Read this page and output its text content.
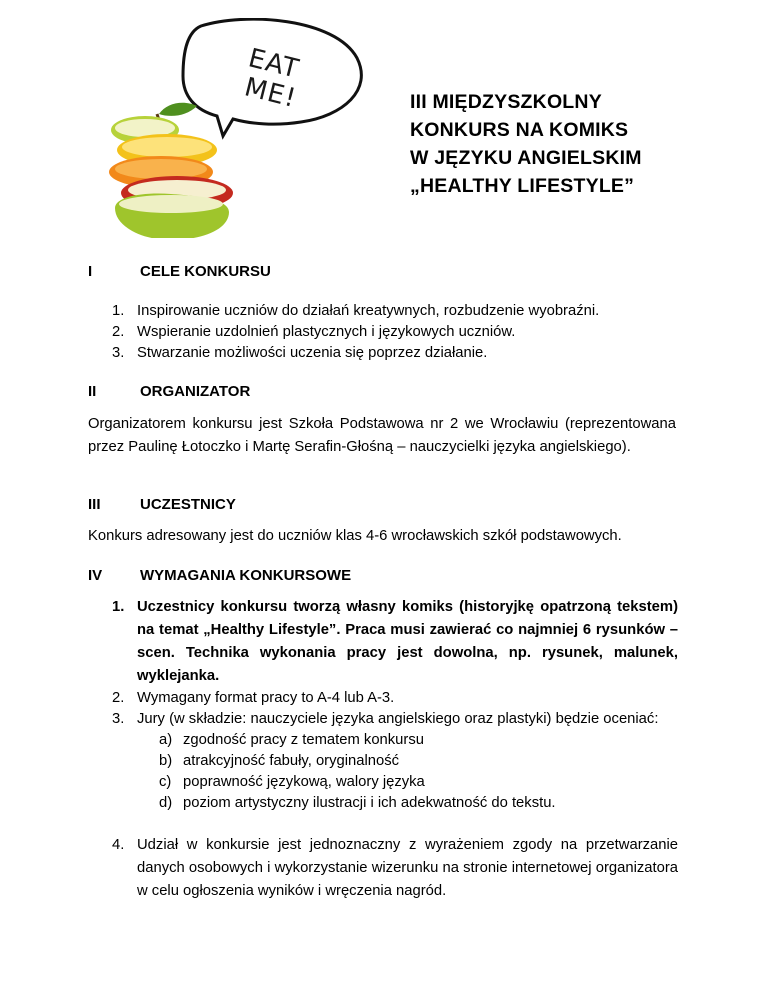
EAT
ME!	III MIĘDZYSZKOLNY
KONKURS NA KOMIKS
W JĘZYKU ANGIELSKIM
„HEALTHY LIFESTYLE”
I	CELE KONKURSU
1. Inspirowanie uczniów do działań kreatywnych, rozbudzenie wyobraźni.
2. Wspieranie uzdolnień plastycznych i językowych uczniów.
3. Stwarzanie możliwości uczenia się poprzez działanie.
II	ORGANIZATOR
Organizatorem konkursu jest Szkoła Podstawowa nr 2 we Wrocławiu (reprezentowana przez Paulinę Łotoczko i Martę Serafin-Głośną – nauczycielki języka angielskiego).
III	UCZESTNICY
Konkurs adresowany jest do uczniów klas 4-6 wrocławskich szkół podstawowych.
IV	WYMAGANIA KONKURSOWE
1. Uczestnicy konkursu tworzą własny komiks (historyjkę opatrzoną tekstem) na temat „Healthy Lifestyle”. Praca musi zawierać co najmniej 6 rysunków – scen. Technika wykonania pracy jest dowolna, np. rysunek, malunek, wyklejanka.
2. Wymagany format pracy to A-4 lub A-3.
3. Jury (w składzie: nauczyciele języka angielskiego oraz plastyki) będzie oceniać:
a) zgodność pracy z tematem konkursu
b) atrakcyjność fabuły, oryginalność
c) poprawność językową, walory języka
d) poziom artystyczny ilustracji i ich adekwatność do tekstu.
4. Udział w konkursie jest jednoznaczny z wyrażeniem zgody na przetwarzanie danych osobowych i wykorzystanie wizerunku na stronie internetowej organizatora w celu ogłoszenia wyników i wręczenia nagród.
